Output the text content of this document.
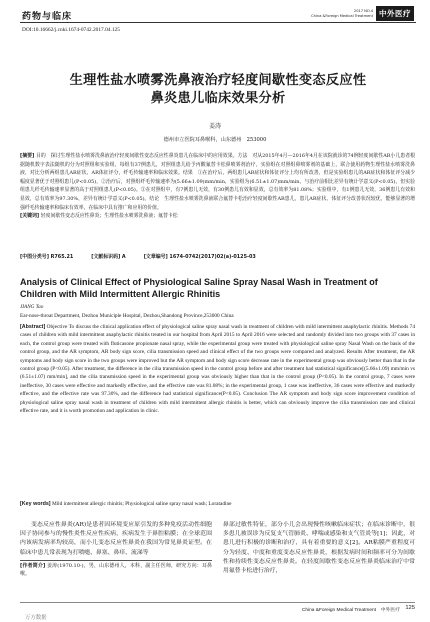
药物与临床
2017 NO.4
China &Foreign Medical Treatment 中外医疗
DOI:10.16662/j.cnki.1674-0742.2017.04.125
生理性盐水喷雾洗鼻液治疗轻度间歇性变态反应性
鼻炎患儿临床效果分析
姜涛
德州市立医院耳鼻喉科，山东德州　253000
[摘要] 目的　探讨生理性盐水喷雾洗鼻液治疗轻度间歇性变态反应性鼻炎患儿在临床中的应用效果。方法　对从2015年4月—2016年4月在该院就诊的74例轻度间歇性AR小儿患者根据随机数字表法随机的分为对照组和实验组，每组有37例患儿，对照组患儿给予丙酸氟替卡松鼻喷雾剂治疗，实验组在对照组鼻喷雾剂的基础上，联合使用药物生理性盐水喷雾洗鼻液，对比分析两组患儿AR症状、AR体征评分，纤毛传输速率和临床效果。结果　①在治疗后，两组患儿AR症状和体征评分上均有所改善，但是实验组患儿的AR症状和体征评分减少幅度显著优于对照组患儿(P<0.05)，②治疗后，对照组纤毛传输速率为(5.66±1.09)mm/min，实验组为(6.51±1.07)mm/min，与治疗前相比差异有统计学意义(P<0.05)，但实验组患儿纤毛传输速率显著的高于对照组患儿(P<0.05)。③在对照组中，有7例患儿无效，有30例患儿有效和显效，总有效率为81.08%；实验组中，有1例患儿无效，36例患儿有效和显效，总有效率为97.30%，差异有统计学意义(P<0.05)。结论　生理性盐水喷雾洗鼻液联合氟替卡松治疗轻度间歇性AR患儿，患儿AR症状、体征评分改善状况较优，能够显著的增强纤毛传输速率和临床有效率，在临床中具有推广和应用的价值。
[关键词] 轻度间歇性变态反应性鼻炎；生理性盐水喷雾洗鼻液；氟替卡松
[中图分类号] R765.21	[文献标识码] A	[文章编号] 1674-0742(2017)02(a)-0125-03
Analysis of Clinical Effect of Physiological Saline Spray Nasal Wash in Treatment of Children with Mild Intermittent Allergic Rhinitis
JIANG Tao
Ear-nose-throat Department, Dezhou Municiple Hospital, Dezhou,Shandong Province,253000 China
[Abstract] Objective To discuss the clinical application effect of physiological saline spray nasal wash in treatment of children with mild intermittent anaphylactic rhinitis. Methods 74 cases of children with mild intermittent anaphylactic rhinitis treated in our hospital from April 2015 to April 2016 were selected and randomly divided into two groups with 37 cases in each, the control group were treated with fluticasone propionate nasal spray, while the experimental group were treated with physiological saline spray Nasal Wash on the basis of the control group, and the AR symptom, AR body sign score, cilia transmission speed and clinical effect of the two groups were compared and analyzed. Results After treatment, the AR symptoms and body sign score in the two groups were improved but the AR symptom and body sign score decrease rate in the experimental group was obviously better than that in the control group (P<0.05). After treatment, the difference in the cilia transmission speed in the control group before and after treatment had statistical significance[(5.66±1.09) mm/min vs (6.51±1.07) mm/min], and the cilia transmission speed in the experimental group was obviously higher than that in the control group (P<0.05). In the control group, 7 cases were ineffective, 30 cases were effective and markedly effective, and the effective rate was 81.08%; in the experimental group, 1 case was ineffective, 36 cases were effective and markedly effective, and the effective rate was 97.30%, and the difference had statistical significance(P<0.05). Conclusion The AR symptom and body sign score improvement condition of physiological saline spray nasal wash in treatment of children with mild intermittent allergic rhinitis is better, which can obviously improve the cilia transmission rate and clinical effective rate, and it is worth promotion and application in clinic.
[Key words] Mild intermittent allergic rhinitis; Physiological saline spray nasal wash; Loratadine

变态反应性鼻炎(AR)是患者因环境变应原引发的多种免疫活动性细胞因子协同参与的慢性炎性反应性疾病，疾病发生于鼻腔粘膜；在全球范围内该病发病率均较高，而小儿变态反应性鼻炎在我国为常见鼻炎证型。在临床中患儿常表现为打喷嚏、鼻塞、鼻痒、流涕等

[作者简介] 姜涛(1970.10-)，男，山东德州人，本科，副主任医师，研究方向：耳鼻喉。

鼻部过敏性特征，部分小儿会出现慢性咳嗽临床症状；在临床诊断中，很多患儿被误诊为反复支气管肺炎、哮喘或感染和支气管炎等[1]；因此，对患儿进行积极的诊断和治疗，具有着重要的意义[2]。AR粘膜严重程度可分为轻度、中度和重度变态反应性鼻炎，根据发病时间和频率可分为间歇性和持续性变态反应性鼻炎。在轻度间歇性变态反应性鼻炎临床治疗中常用氟替卡松进行治疗，

China &Foreign Medical Treatment　中外医疗 125
万方数据
